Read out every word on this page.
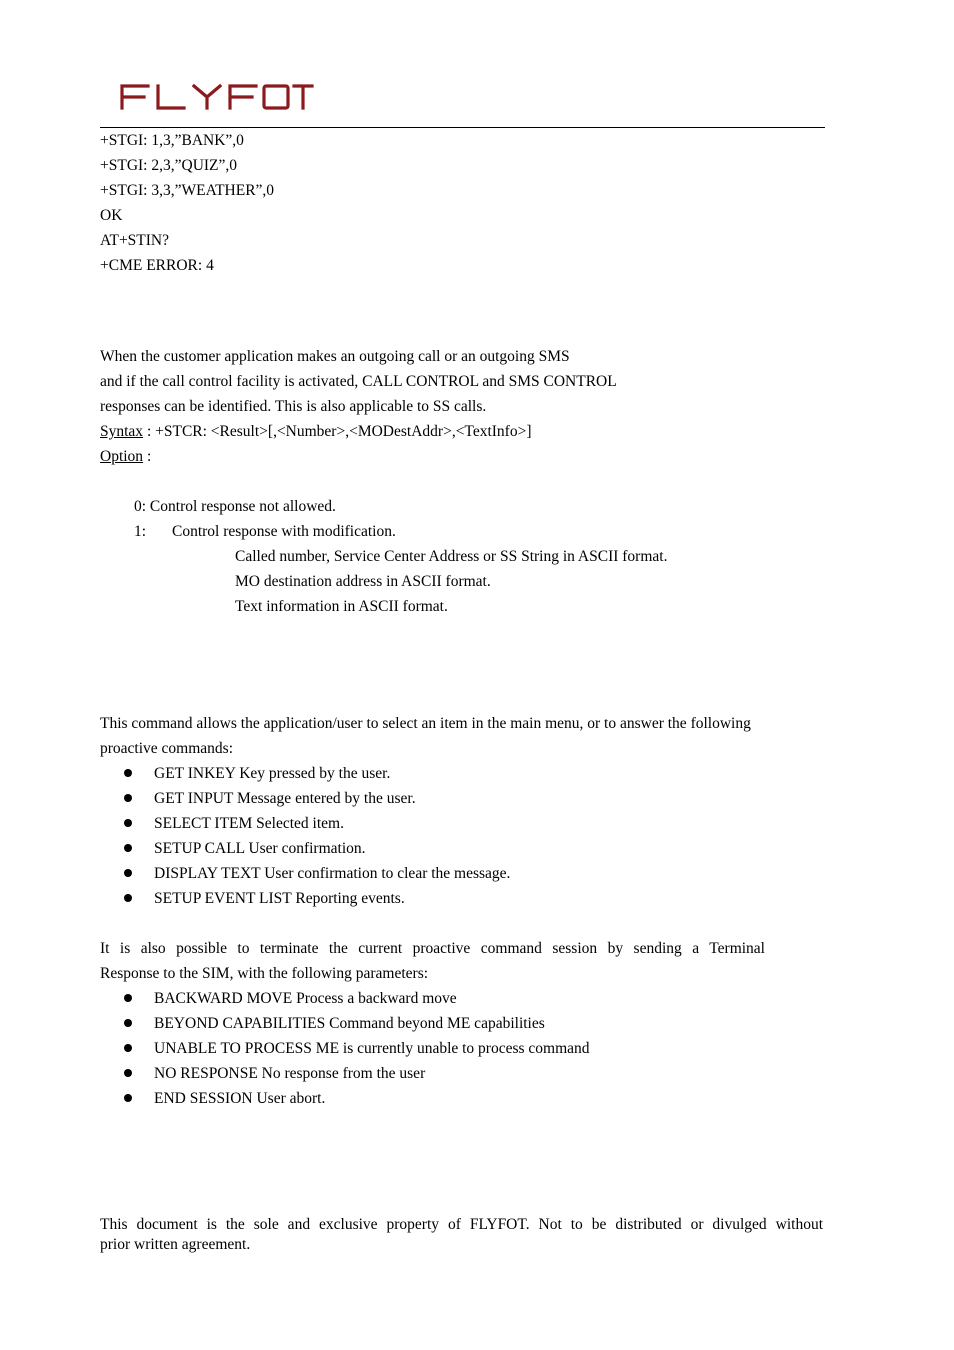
+STGI: 1,3,”BANK”,0
+STGI: 2,3,”QUIZ”,0
+STGI: 3,3,”WEATHER”,0
OK
AT+STIN?
+CME ERROR: 4
When the customer application makes an outgoing call or an outgoing SMS
and if the call control facility is activated, CALL CONTROL and SMS CONTROL
responses can be identified. This is also applicable to SS calls.
Syntax : +STCR: <Result>[,<Number>,<MODestAddr>,<TextInfo>]
Option :
0: Control response not allowed.
1: Control response with modification.
Called number, Service Center Address or SS String in ASCII format.
MO destination address in ASCII format.
Text information in ASCII format.
This command allows the application/user to select an item in the main menu, or to answer the following
proactive commands:
GET INKEY Key pressed by the user.
GET INPUT Message entered by the user.
SELECT ITEM Selected item.
SETUP CALL User confirmation.
DISPLAY TEXT User confirmation to clear the message.
SETUP EVENT LIST Reporting events.
It is also possible to terminate the current proactive command session by sending a Terminal
Response to the SIM, with the following parameters:
BACKWARD MOVE Process a backward move
BEYOND CAPABILITIES Command beyond ME capabilities
UNABLE TO PROCESS ME is currently unable to process command
NO RESPONSE No response from the user
END SESSION User abort.
This document is the sole and exclusive property of FLYFOT. Not to be distributed or divulged without
prior written agreement.
